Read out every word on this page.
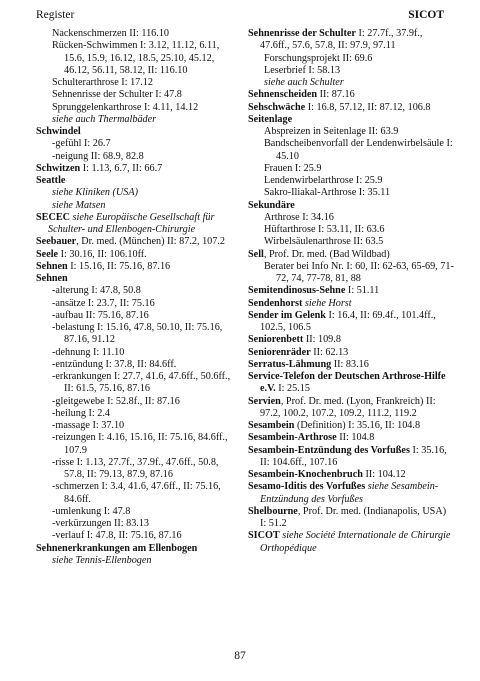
Register	SICOT
Nackenschmerzen II: 116.10
Rücken-Schwimmen I: 3.12, 11.12, 6.11, 15.6, 15.9, 16.12, 18.5, 25.10, 45.12, 46.12, 56.11, 58.12, II: 116.10
Schulterarthrose I: 17.12
Sehnenrisse der Schulter I: 47.8
Sprunggelenkarthrose I: 4.11, 14.12
siehe auch Thermalbäder
Schwindel
-gefühl I: 26.7
-neigung II: 68.9, 82.8
Schwitzen I: 1.13, 6.7, II: 66.7
Seattle
siehe Kliniken (USA)
siehe Matsen
SECEC siehe Europäische Gesellschaft für Schulter- und Ellenbogen-Chirurgie
Seebauer, Dr. med. (München) II: 87.2, 107.2
Seele I: 30.16, II: 106.10ff.
Sehnen I: 15.16, II: 75.16, 87.16
Sehnen
-alterung I: 47.8, 50.8
-ansätze I: 23.7, II: 75.16
-aufbau II: 75.16, 87.16
-belastung I: 15.16, 47.8, 50.10, II: 75.16, 87.16, 91.12
-dehnung I: 11.10
-entzündung I: 37.8, II: 84.6ff.
-erkrankungen I: 27.7, 41.6, 47.6ff., 50.6ff., II: 61.5, 75.16, 87.16
-gleitgewebe I: 52.8f., II: 87.16
-heilung I: 2.4
-massage I: 37.10
-reizungen I: 4.16, 15.16, II: 75.16, 84.6ff., 107.9
-risse I: 1.13, 27.7f., 37.9f., 47.6ff., 50.8, 57.8, II: 79.13, 87.9, 87.16
-schmerzen I: 3.4, 41.6, 47.6ff., II: 75.16, 84.6ff.
-umlenkung I: 47.8
-verkürzungen II: 83.13
-verlauf I: 47.8, II: 75.16, 87.16
Sehnenerkrankungen am Ellenbogen
siehe Tennis-Ellenbogen
Sehnenrisse der Schulter I: 27.7f., 37.9f., 47.6ff., 57.6, 57.8, II: 97.9, 97.11
Forschungsprojekt II: 69.6
Leserbrief I: 58.13
siehe auch Schulter
Sehnenscheiden II: 87.16
Sehschwäche I: 16.8, 57.12, II: 87.12, 106.8
Seitenlage
Abspreizen in Seitenlage II: 63.9
Bandscheibenvorfall der Lendenwirbelsäule I: 45.10
Frauen I: 25.9
Lendenwirbelarthrose I: 25.9
Sakro-Iliakal-Arthrose I: 35.11
Sekundäre
Arthrose I: 34.16
Hüftarthrose I: 53.11, II: 63.6
Wirbelsäulenarthrose II: 63.5
Sell, Prof. Dr. med. (Bad Wildbad)
Berater bei Info Nr. I: 60, II: 62-63, 65-69, 71-72, 74, 77-78, 81, 88
Semitendinosus-Sehne I: 51.11
Sendenhorst siehe Horst
Sender im Gelenk I: 16.4, II: 69.4f., 101.4ff., 102.5, 106.5
Seniorenbett II: 109.8
Seniorenräder II: 62.13
Serratus-Lähmung II: 83.16
Service-Telefon der Deutschen Arthrose-Hilfe e.V. I: 25.15
Servien, Prof. Dr. med. (Lyon, Frankreich) II: 97.2, 100.2, 107.2, 109.2, 111.2, 119.2
Sesambein (Definition) I: 35.16, II: 104.8
Sesambein-Arthrose II: 104.8
Sesambein-Entzündung des Vorfußes I: 35.16, II: 104.6ff., 107.16
Sesambein-Knochenbruch II: 104.12
Sesamo-Iditis des Vorfußes siehe Sesambein-Entzündung des Vorfußes
Shelbourne, Prof. Dr. med. (Indianapolis, USA) I: 51.2
SICOT siehe Société Internationale de Chirurgie Orthopédique
87
